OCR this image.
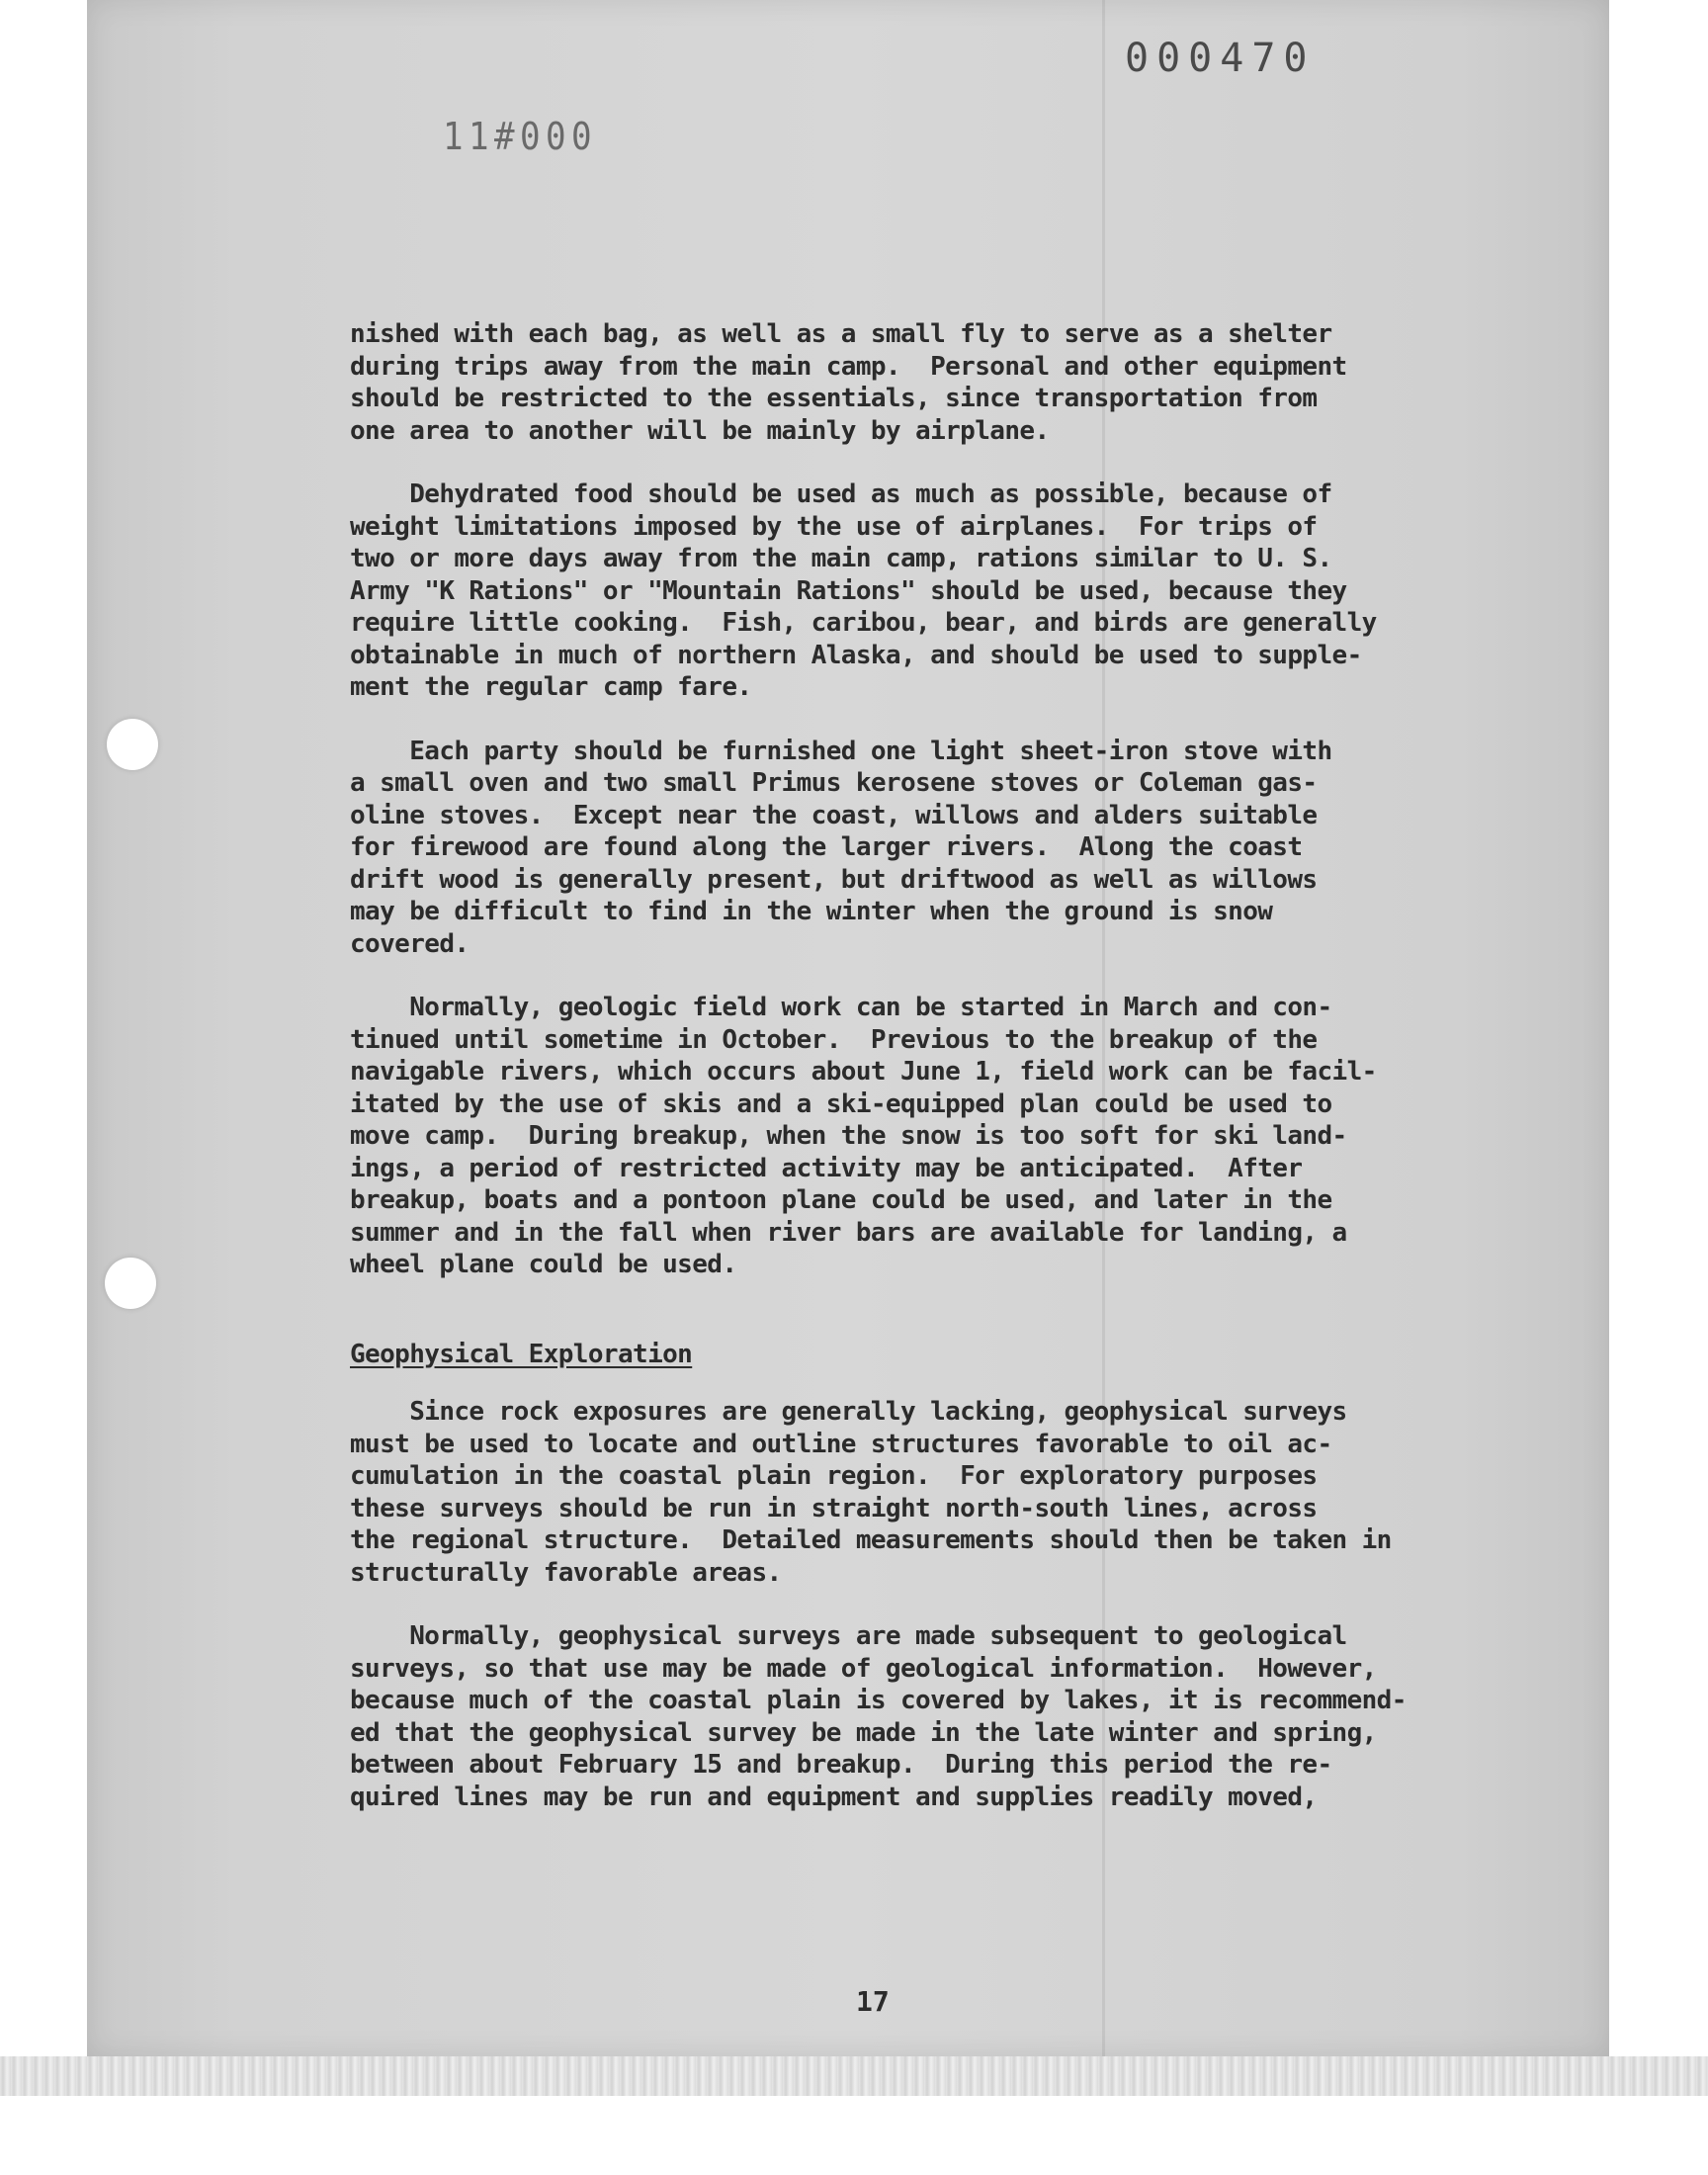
000470
11#000
nished with each bag, as well as a small fly to serve as a shelter
during trips away from the main camp.  Personal and other equipment
should be restricted to the essentials, since transportation from
one area to another will be mainly by airplane.
Dehydrated food should be used as much as possible, because of
weight limitations imposed by the use of airplanes.  For trips of
two or more days away from the main camp, rations similar to U. S.
Army "K Rations" or "Mountain Rations" should be used, because they
require little cooking.  Fish, caribou, bear, and birds are generally
obtainable in much of northern Alaska, and should be used to supple-
ment the regular camp fare.
Each party should be furnished one light sheet-iron stove with
a small oven and two small Primus kerosene stoves or Coleman gas-
oline stoves.  Except near the coast, willows and alders suitable
for firewood are found along the larger rivers.  Along the coast
drift wood is generally present, but driftwood as well as willows
may be difficult to find in the winter when the ground is snow
covered.
Normally, geologic field work can be started in March and con-
tinued until sometime in October.  Previous to the breakup of the
navigable rivers, which occurs about June 1, field work can be facil-
itated by the use of skis and a ski-equipped plan could be used to
move camp.  During breakup, when the snow is too soft for ski land-
ings, a period of restricted activity may be anticipated.  After
breakup, boats and a pontoon plane could be used, and later in the
summer and in the fall when river bars are available for landing, a
wheel plane could be used.
Geophysical Exploration
Since rock exposures are generally lacking, geophysical surveys
must be used to locate and outline structures favorable to oil ac-
cumulation in the coastal plain region.  For exploratory purposes
these surveys should be run in straight north-south lines, across
the regional structure.  Detailed measurements should then be taken in
structurally favorable areas.
Normally, geophysical surveys are made subsequent to geological
surveys, so that use may be made of geological information.  However,
because much of the coastal plain is covered by lakes, it is recommend-
ed that the geophysical survey be made in the late winter and spring,
between about February 15 and breakup.  During this period the re-
quired lines may be run and equipment and supplies readily moved,
17
